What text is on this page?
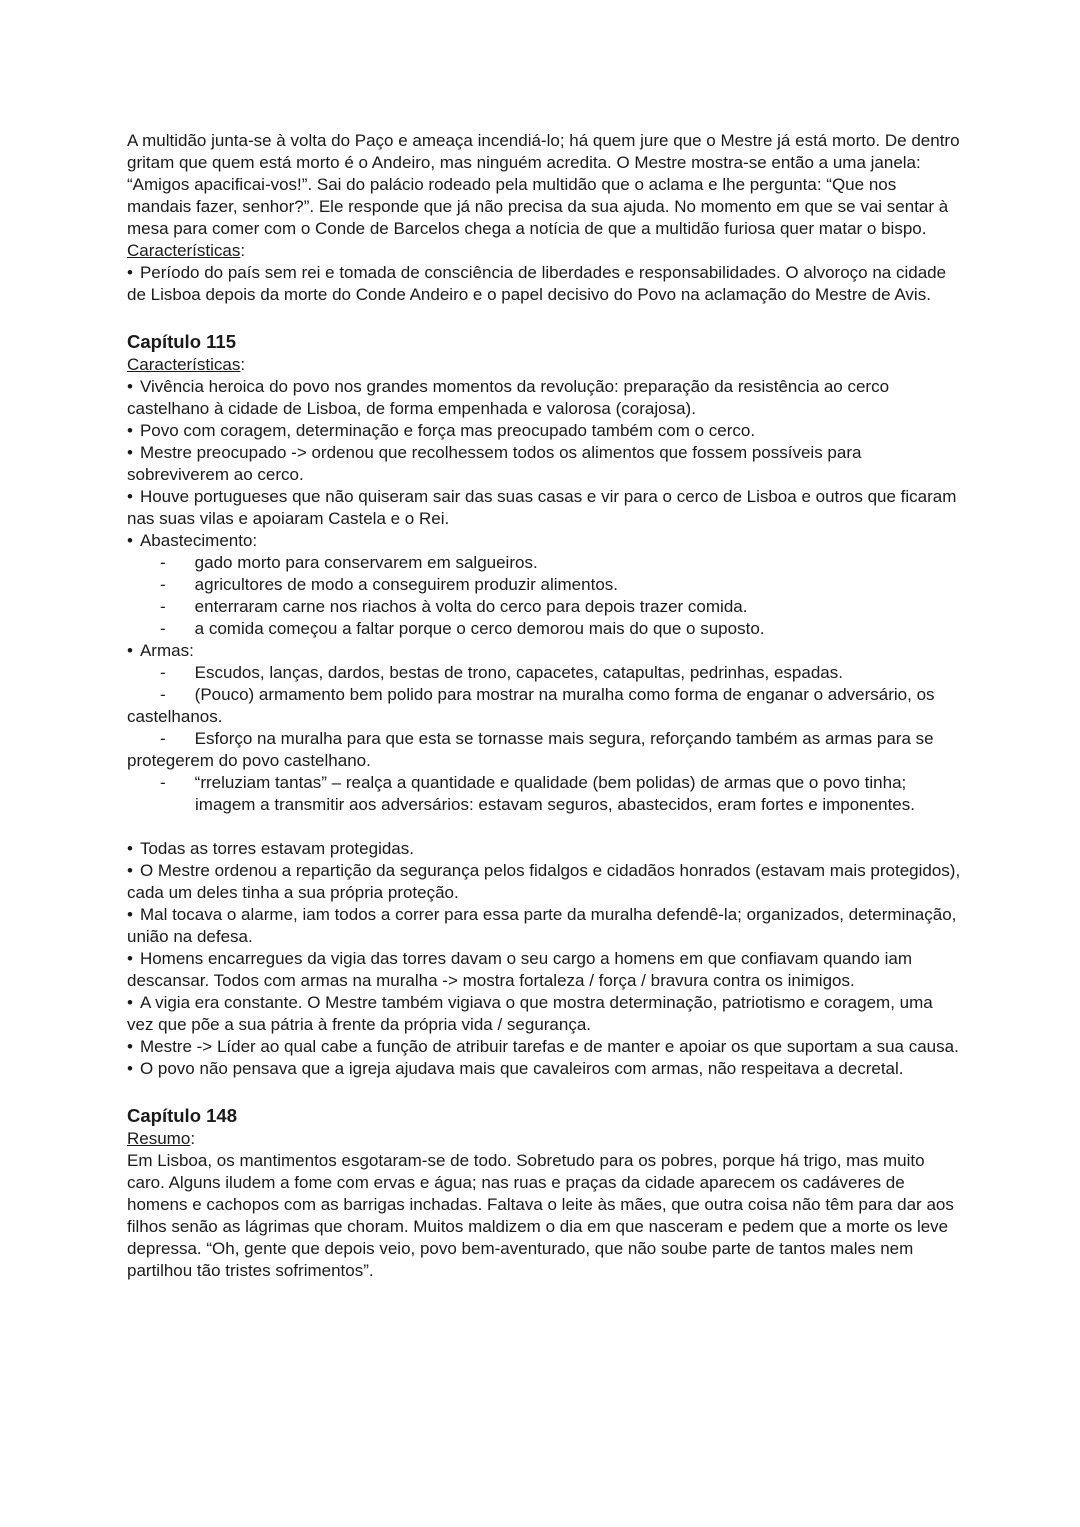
A multidão junta-se à volta do Paço e ameaça incendiá-lo; há quem jure que o Mestre já está morto. De dentro gritam que quem está morto é o Andeiro, mas ninguém acredita. O Mestre mostra-se então a uma janela: “Amigos apacificai-vos!”. Sai do palácio rodeado pela multidão que o aclama e lhe pergunta: “Que nos mandais fazer, senhor?”. Ele responde que já não precisa da sua ajuda. No momento em que se vai sentar à mesa para comer com o Conde de Barcelos chega a notícia de que a multidão furiosa quer matar o bispo.
Características:
• Período do país sem rei e tomada de consciência de liberdades e responsabilidades. O alvoroço na cidade de Lisboa depois da morte do Conde Andeiro e o papel decisivo do Povo na aclamação do Mestre de Avis.
Capítulo 115
Características:
• Vivência heroica do povo nos grandes momentos da revolução: preparação da resistência ao cerco castelhano à cidade de Lisboa, de forma empenhada e valorosa (corajosa).
• Povo com coragem, determinação e força mas preocupado também com o cerco.
• Mestre preocupado -> ordenou que recolhessem todos os alimentos que fossem possíveis para sobreviverem ao cerco.
• Houve portugueses que não quiseram sair das suas casas e vir para o cerco de Lisboa e outros que ficaram nas suas vilas e apoiaram Castela e o Rei.
• Abastecimento:
- gado morto para conservarem em salgueiros.
- agricultores de modo a conseguirem produzir alimentos.
- enterraram carne nos riachos à volta do cerco para depois trazer comida.
- a comida começou a faltar porque o cerco demorou mais do que o suposto.
• Armas:
- Escudos, lanças, dardos, bestas de trono, capacetes, catapultas, pedrinhas, espadas.
- (Pouco) armamento bem polido para mostrar na muralha como forma de enganar o adversário, os castelhanos.
- Esforço na muralha para que esta se tornasse mais segura, reforçando também as armas para se protegerem do povo castelhano.
- “rreluziam tantas” – realça a quantidade e qualidade (bem polidas) de armas que o povo tinha; imagem a transmitir aos adversários: estavam seguros, abastecidos, eram fortes e imponentes.
• Todas as torres estavam protegidas.
• O Mestre ordenou a repartição da segurança pelos fidalgos e cidadãos honrados (estavam mais protegidos), cada um deles tinha a sua própria proteção.
• Mal tocava o alarme, iam todos a correr para essa parte da muralha defendê-la; organizados, determinação, união na defesa.
• Homens encarregues da vigia das torres davam o seu cargo a homens em que confiavam quando iam descansar. Todos com armas na muralha -> mostra fortaleza / força / bravura contra os inimigos.
• A vigia era constante. O Mestre também vigiava o que mostra determinação, patriotismo e coragem, uma vez que põe a sua pátria à frente da própria vida / segurança.
• Mestre -> Líder ao qual cabe a função de atribuir tarefas e de manter e apoiar os que suportam a sua causa.
• O povo não pensava que a igreja ajudava mais que cavaleiros com armas, não respeitava a decretal.
Capítulo 148
Resumo:
Em Lisboa, os mantimentos esgotaram-se de todo. Sobretudo para os pobres, porque há trigo, mas muito caro. Alguns iludem a fome com ervas e água; nas ruas e praças da cidade aparecem os cadáveres de homens e cachopos com as barrigas inchadas. Faltava o leite às mães, que outra coisa não têm para dar aos filhos senão as lágrimas que choram. Muitos maldizem o dia em que nasceram e pedem que a morte os leve depressa. “Oh, gente que depois veio, povo bem-aventurado, que não soube parte de tantos males nem partilhou tão tristes sofrimentos”.
